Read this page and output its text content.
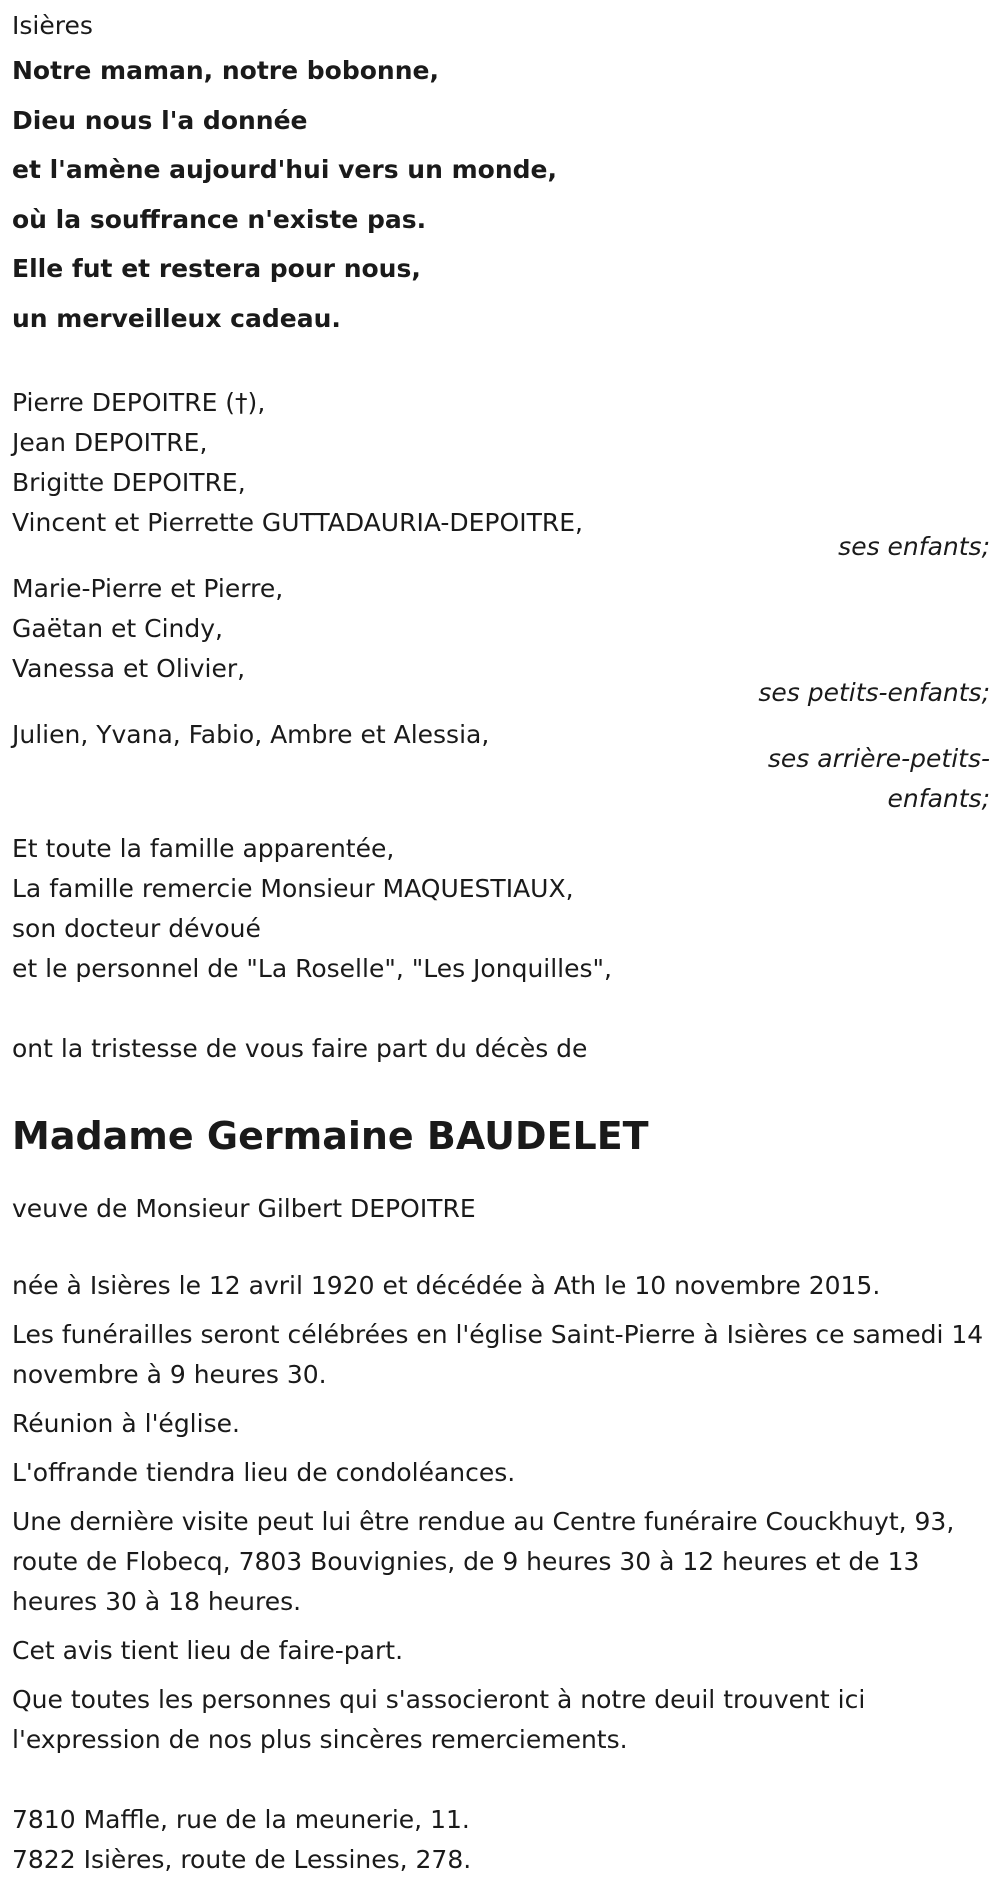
Isières
Notre maman, notre bobonne,
Dieu nous l'a donnée
et l'amène aujourd'hui vers un monde,
où la souffrance n'existe pas.
Elle fut et restera pour nous,
un merveilleux cadeau.
Pierre DEPOITRE (†),
Jean DEPOITRE,
Brigitte DEPOITRE,
Vincent et Pierrette GUTTADAURIA-DEPOITRE,
ses enfants;
Marie-Pierre et Pierre,
Gaëtan et Cindy,
Vanessa et Olivier,
ses petits-enfants;
Julien, Yvana, Fabio, Ambre et Alessia,
ses arrière-petits-
enfants;
Et toute la famille apparentée,
La famille remercie Monsieur MAQUESTIAUX,
son docteur dévoué
et le personnel de "La Roselle", "Les Jonquilles",
ont la tristesse de vous faire part du décès de
Madame Germaine BAUDELET
veuve de Monsieur Gilbert DEPOITRE
née à Isières le 12 avril 1920 et décédée à Ath le 10 novembre 2015.
Les funérailles seront célébrées en l'église Saint-Pierre à Isières ce samedi 14 novembre à 9 heures 30.
Réunion à l'église.
L'offrande tiendra lieu de condoléances.
Une dernière visite peut lui être rendue au Centre funéraire Couckhuyt, 93, route de Flobecq, 7803 Bouvignies, de 9 heures 30 à 12 heures et de 13 heures 30 à 18 heures.
Cet avis tient lieu de faire-part.
Que toutes les personnes qui s'associeront à notre deuil trouvent ici l'expression de nos plus sincères remerciements.
7810 Maffle, rue de la meunerie, 11.
7822 Isières, route de Lessines, 278.
